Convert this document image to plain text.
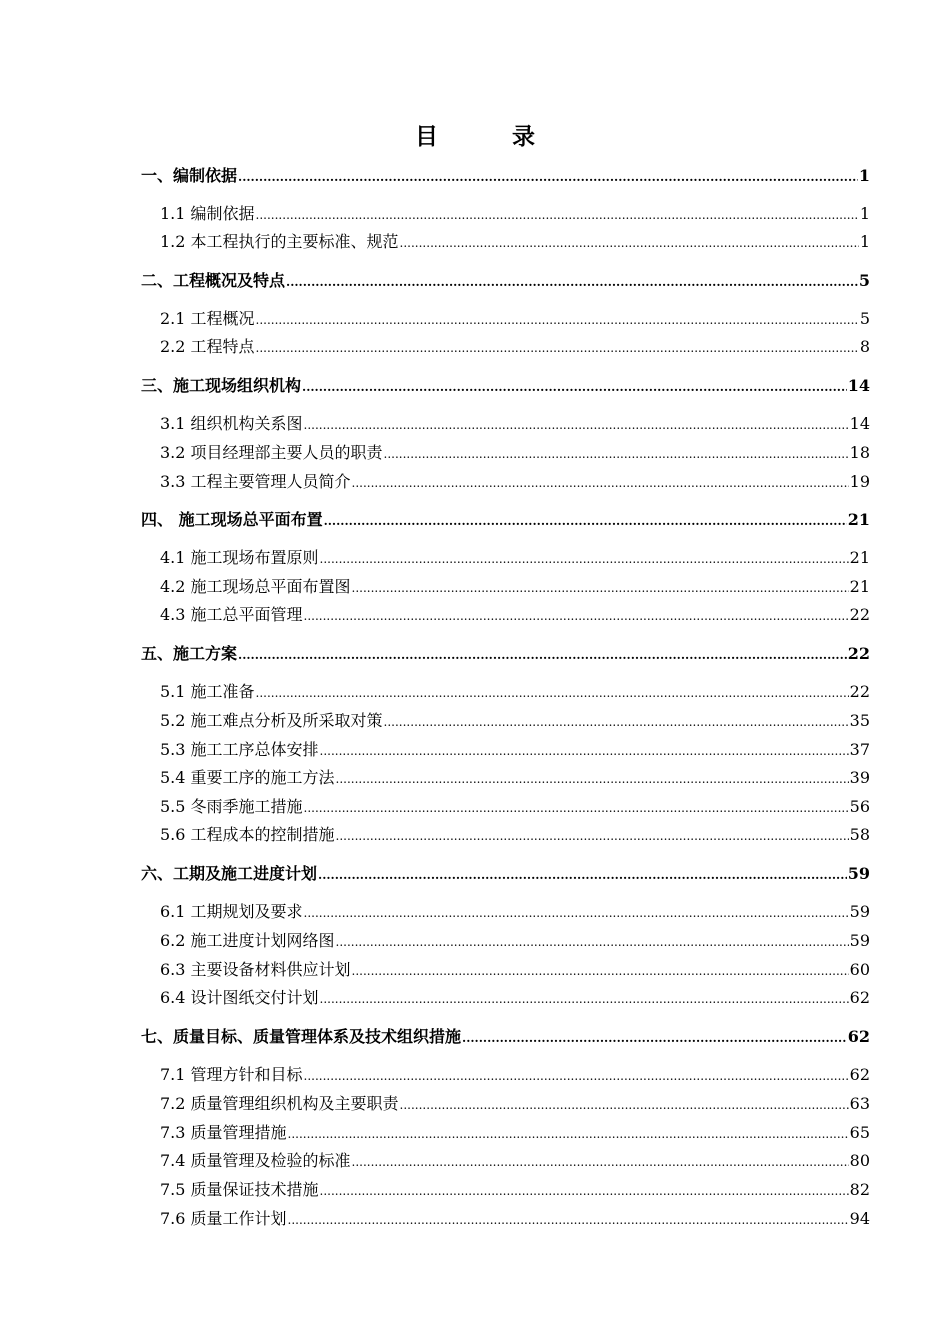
目	录
一、编制依据 .....	1
1.1 编制依据 .....	1
1.2 本工程执行的主要标准、规范 .....	1
二、工程概况及特点 .....	5
2.1 工程概况 .....	5
2.2 工程特点 .....	8
三、施工现场组织机构 .....	14
3.1 组织机构关系图 .....	14
3.2 项目经理部主要人员的职责 .....	18
3.3 工程主要管理人员简介 .....	19
四、 施工现场总平面布置 .....	21
4.1 施工现场布置原则 .....	21
4.2 施工现场总平面布置图 .....	21
4.3 施工总平面管理 .....	22
五、施工方案 .....	22
5.1 施工准备 .....	22
5.2 施工难点分析及所采取对策 .....	35
5.3 施工工序总体安排 .....	37
5.4 重要工序的施工方法 .....	39
5.5 冬雨季施工措施 .....	56
5.6 工程成本的控制措施 .....	58
六、工期及施工进度计划 .....	59
6.1 工期规划及要求 .....	59
6.2 施工进度计划网络图 .....	59
6.3 主要设备材料供应计划 .....	60
6.4 设计图纸交付计划 .....	62
七、质量目标、质量管理体系及技术组织措施 .....	62
7.1 管理方针和目标 .....	62
7.2 质量管理组织机构及主要职责 .....	63
7.3 质量管理措施 .....	65
7.4 质量管理及检验的标准 .....	80
7.5 质量保证技术措施 .....	82
7.6 质量工作计划 .....	94
